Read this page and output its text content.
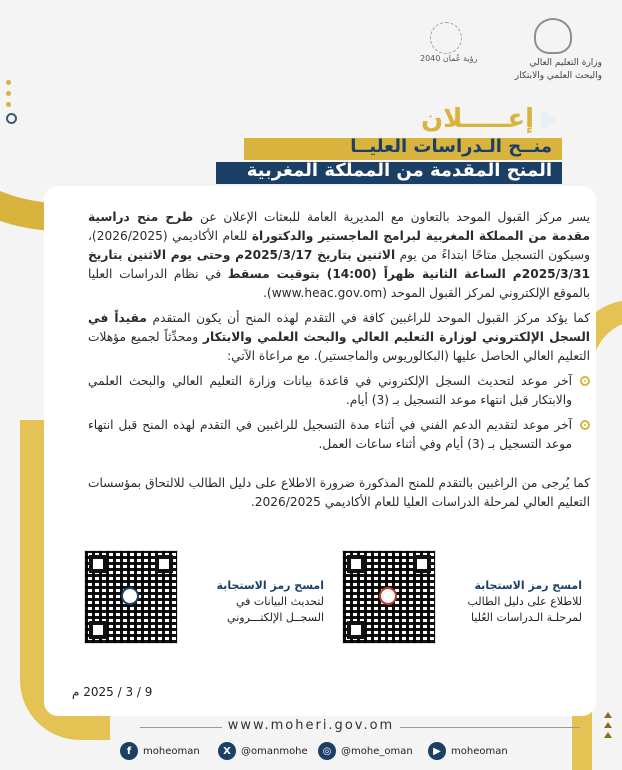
وزارة التعليم العالي
والبحث العلمي والابتكار
رؤية عُمان 2040
إعـــــلان
منــح الـدراسات العليــا
المنح المقدمة من المملكة المغربية

يسر مركز القبول الموحد بالتعاون مع المديرية العامة للبعثات الإعلان عن طرح منح دراسية مقدمة من المملكة المغربية لبرامج الماجستير والدكتوراة للعام الأكاديمي (2026/2025)، وسيكون التسجيل متاحًا ابتداءً من يوم الاثنين بتاريخ 2025/3/17م وحتى يوم الاثنين بتاريخ 2025/3/31م الساعة الثانية ظهراً (14:00) بتوقيت مسقط في نظام الدراسات العليا بالموقع الإلكتروني لمركز القبول الموحد (www.heac.gov.om).

كما يؤكد مركز القبول الموحد للراغبين كافة في التقدم لهذه المنح أن يكون المتقدم مقيداً في السجل الإلكتروني لوزارة التعليم العالي والبحث العلمي والابتكار ومحدِّثاً لجميع مؤهلات التعليم العالي الحاصل عليها (البكالوريوس والماجستير). مع مراعاة الآتي:

آخر موعد لتحديث السجل الإلكتروني في قاعدة بيانات وزارة التعليم العالي والبحث العلمي والابتكار قبل انتهاء موعد التسجيل بـ (3) أيام.
آخر موعد لتقديم الدعم الفني في أثناء مدة التسجيل للراغبين في التقدم لهذه المنح قبل انتهاء موعد التسجيل بـ (3) أيام وفي أثناء ساعات العمل.

كما يُرجى من الراغبين بالتقدم للمنح المذكورة ضرورة الاطلاع على دليل الطالب للالتحاق بمؤسسات التعليم العالي لمرحلة الدراسات العليا للعام الأكاديمي 2026/2025.

امسح رمز الاستجابة
للاطلاع على دليل الطالب
لمرحلـة الـدراسات العُليا
امسح رمز الاستجابة
لتحديث البيانات في
السجــل الإلكتـــروني
9 / 3 / 2025 م
www.moheri.gov.om
f	moheoman	X	@omanmohe	◎ @mohe_oman	▶	moheoman
